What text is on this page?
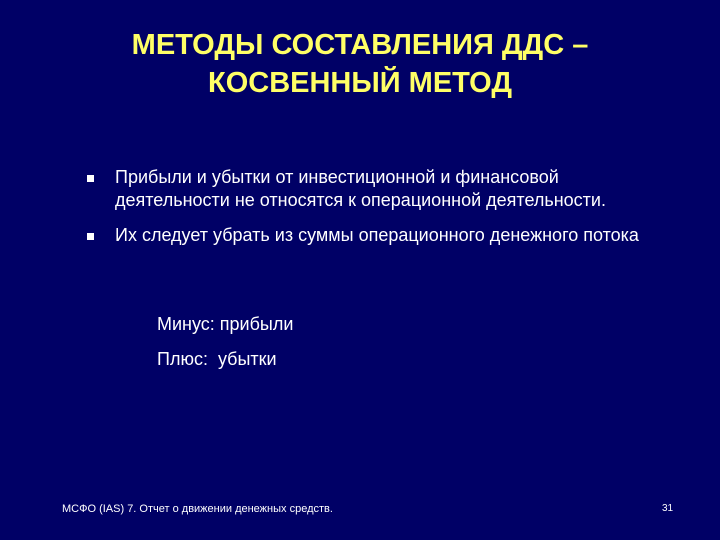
МЕТОДЫ СОСТАВЛЕНИЯ ДДС –
КОСВЕННЫЙ МЕТОД
Прибыли и убытки от инвестиционной и финансовой деятельности не относятся к операционной деятельности.
Их следует убрать из суммы операционного денежного потока
Минус: прибыли
Плюс:  убытки
МСФО (IAS) 7. Отчет о движении денежных средств.	31
